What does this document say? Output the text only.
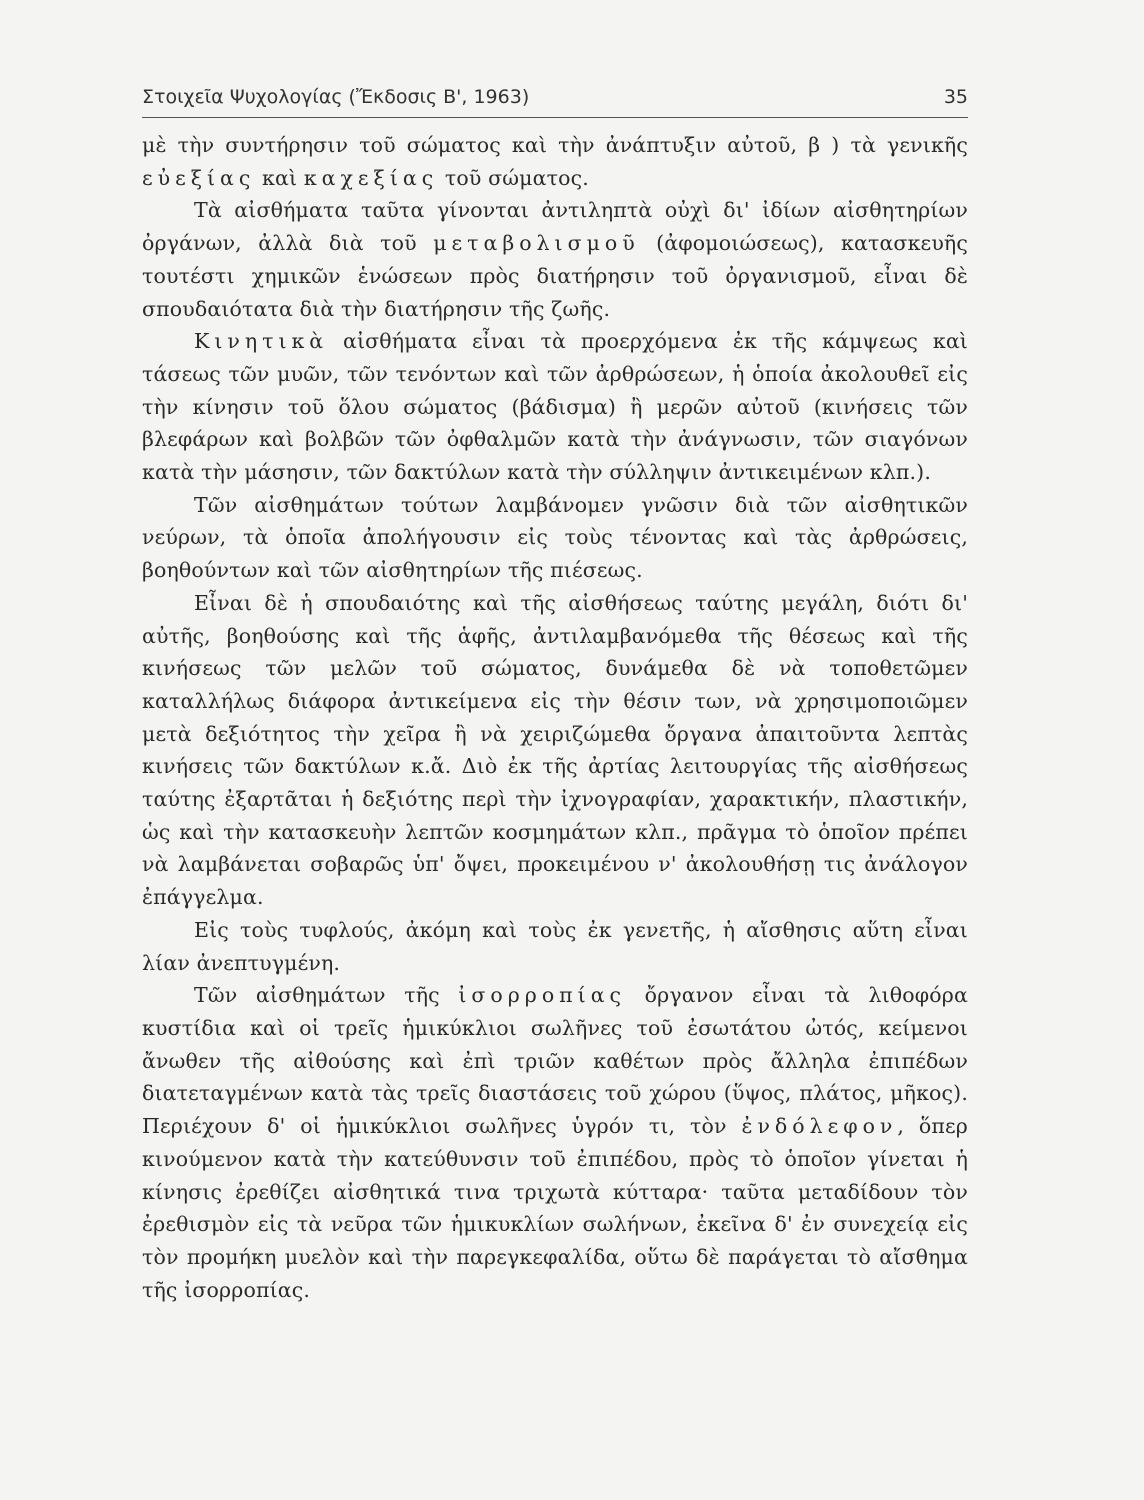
Στοιχεῖα Ψυχολογίας (Ἔκδοσις Β', 1963)	35

μὲ τὴν συντήρησιν τοῦ σώματος καὶ τὴν ἀνάπτυξιν αὐτοῦ, β ) τὰ γενικῆς εὐεξίας καὶ καχεξίας τοῦ σώματος.

Τὰ αἰσθήματα ταῦτα γίνονται ἀντιληπτὰ οὐχὶ δι' ἰδίων αἰσθητηρίων ὀργάνων, ἀλλὰ διὰ τοῦ μεταβολισμοῦ (ἀφομοιώσεως), κατασκευῆς τουτέστι χημικῶν ἑνώσεων πρὸς διατήρησιν τοῦ ὀργανισμοῦ, εἶναι δὲ σπουδαιότατα διὰ τὴν διατήρησιν τῆς ζωῆς.

Κινητικὰ αἰσθήματα εἶναι τὰ προερχόμενα ἐκ τῆς κάμψεως καὶ τάσεως τῶν μυῶν, τῶν τενόντων καὶ τῶν ἀρθρώσεων, ἡ ὁποία ἀκολουθεῖ εἰς τὴν κίνησιν τοῦ ὅλου σώματος (βάδισμα) ἢ μερῶν αὐτοῦ (κινήσεις τῶν βλεφάρων καὶ βολβῶν τῶν ὀφθαλμῶν κατὰ τὴν ἀνάγνωσιν, τῶν σιαγόνων κατὰ τὴν μάσησιν, τῶν δακτύλων κατὰ τὴν σύλληψιν ἀντικειμένων κλπ.).

Τῶν αἰσθημάτων τούτων λαμβάνομεν γνῶσιν διὰ τῶν αἰσθητικῶν νεύρων, τὰ ὁποῖα ἀπολήγουσιν εἰς τοὺς τένοντας καὶ τὰς ἀρθρώσεις, βοηθούντων καὶ τῶν αἰσθητηρίων τῆς πιέσεως.

Εἶναι δὲ ἡ σπουδαιότης καὶ τῆς αἰσθήσεως ταύτης μεγάλη, διότι δι' αὐτῆς, βοηθούσης καὶ τῆς ἁφῆς, ἀντιλαμβανόμεθα τῆς θέσεως καὶ τῆς κινήσεως τῶν μελῶν τοῦ σώματος, δυνάμεθα δὲ νὰ τοποθετῶμεν καταλλήλως διάφορα ἀντικείμενα εἰς τὴν θέσιν των, νὰ χρησιμοποιῶμεν μετὰ δεξιότητος τὴν χεῖρα ἢ νὰ χειριζώμεθα ὄργανα ἀπαιτοῦντα λεπτὰς κινήσεις τῶν δακτύλων κ.ἄ. Διὸ ἐκ τῆς ἀρτίας λειτουργίας τῆς αἰσθήσεως ταύτης ἐξαρτᾶται ἡ δεξιότης περὶ τὴν ἰχνογραφίαν, χαρακτικήν, πλαστικήν, ὡς καὶ τὴν κατασκευὴν λεπτῶν κοσμημάτων κλπ., πρᾶγμα τὸ ὁποῖον πρέπει νὰ λαμβάνεται σοβαρῶς ὑπ' ὄψει, προκειμένου ν' ἀκολουθήσῃ τις ἀνάλογον ἐπάγγελμα.

Εἰς τοὺς τυφλούς, ἀκόμη καὶ τοὺς ἐκ γενετῆς, ἡ αἴσθησις αὕτη εἶναι λίαν ἀνεπτυγμένη.

Τῶν αἰσθημάτων τῆς ἰσορροπίας ὄργανον εἶναι τὰ λιθοφόρα κυστίδια καὶ οἱ τρεῖς ἡμικύκλιοι σωλῆνες τοῦ ἐσωτάτου ὠτός, κείμενοι ἄνωθεν τῆς αἰθούσης καὶ ἐπὶ τριῶν καθέτων πρὸς ἄλληλα ἐπιπέδων διατεταγμένων κατὰ τὰς τρεῖς διαστάσεις τοῦ χώρου (ὕψος, πλάτος, μῆκος). Περιέχουν δ' οἱ ἡμικύκλιοι σωλῆνες ὑγρόν τι, τὸν ἐνδόλεφον, ὅπερ κινούμενον κατὰ τὴν κατεύθυνσιν τοῦ ἐπιπέδου, πρὸς τὸ ὁποῖον γίνεται ἡ κίνησις ἐρεθίζει αἰσθητικά τινα τριχωτὰ κύτταρα· ταῦτα μεταδίδουν τὸν ἐρεθισμὸν εἰς τὰ νεῦρα τῶν ἡμικυκλίων σωλήνων, ἐκεῖνα δ' ἐν συνεχείᾳ εἰς τὸν προμήκη μυελὸν καὶ τὴν παρεγκεφαλίδα, οὕτω δὲ παράγεται τὸ αἴσθημα τῆς ἰσορροπίας.
